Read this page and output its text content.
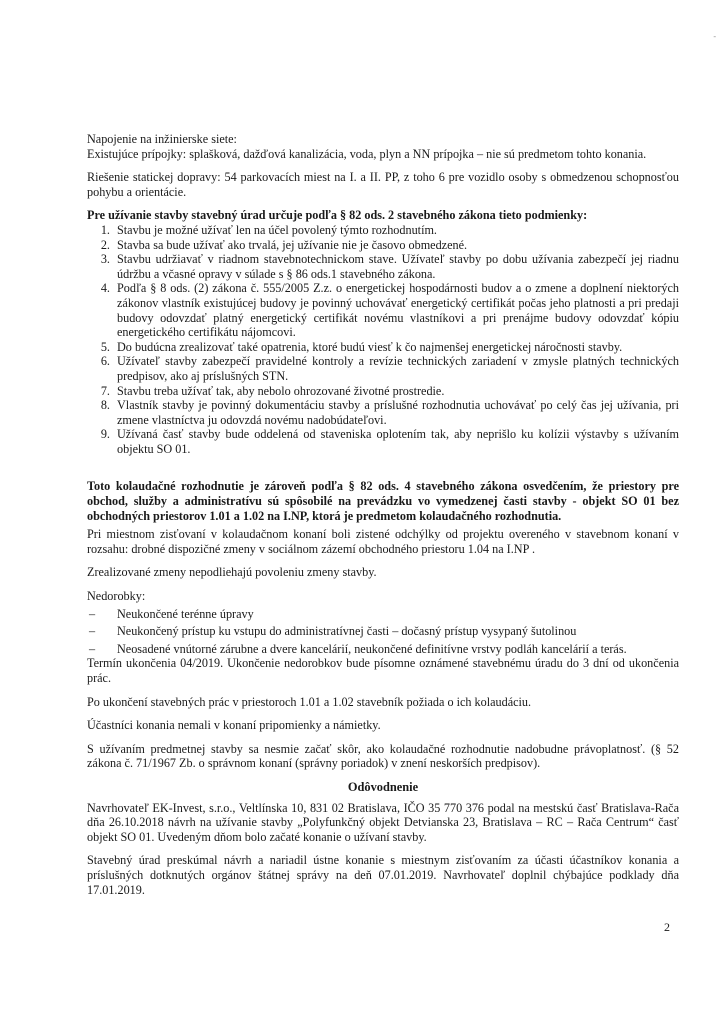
-

Napojenie na inžinierske siete:

Existujúce prípojky: splašková, dažďová kanalizácia, voda, plyn a NN prípojka – nie sú predmetom tohto konania.

Riešenie statickej dopravy: 54 parkovacích miest na I. a II. PP, z toho 6 pre vozidlo osoby s obmedzenou schopnosťou pohybu a orientácie.

Pre užívanie stavby stavebný úrad určuje podľa § 82 ods. 2 stavebného zákona tieto podmienky:

1. Stavbu je možné užívať len na účel povolený týmto rozhodnutím.
2. Stavba sa bude užívať ako trvalá, jej užívanie nie je časovo obmedzené.
3. Stavbu udržiavať v riadnom stavebnotechnickom stave. Užívateľ stavby po dobu užívania zabezpečí jej riadnu údržbu a včasné opravy v súlade s § 86 ods.1 stavebného zákona.
4. Podľa § 8 ods. (2) zákona č. 555/2005 Z.z. o energetickej hospodárnosti budov a o zmene a doplnení niektorých zákonov vlastník existujúcej budovy je povinný uchovávať energetický certifikát počas jeho platnosti a pri predaji budovy odovzdať platný energetický certifikát novému vlastníkovi a pri prenájme budovy odovzdať kópiu energetického certifikátu nájomcovi.
5. Do budúcna zrealizovať také opatrenia, ktoré budú viesť k čo najmenšej energetickej náročnosti stavby.
6. Užívateľ stavby zabezpečí pravidelné kontroly a revízie technických zariadení v zmysle platných technických predpisov, ako aj príslušných STN.
7. Stavbu treba užívať tak, aby nebolo ohrozované životné prostredie.
8. Vlastník stavby je povinný dokumentáciu stavby a príslušné rozhodnutia uchovávať po celý čas jej užívania, pri zmene vlastníctva ju odovzdá novému nadobúdateľovi.
9. Užívaná časť stavby bude oddelená od staveniska oplotením tak, aby neprišlo ku kolízii výstavby s užívaním objektu SO 01.

Toto kolaudačné rozhodnutie je zároveň podľa § 82 ods. 4 stavebného zákona osvedčením, že priestory pre obchod, služby a administratívu sú spôsobilé na prevádzku vo vymedzenej časti stavby - objekt SO 01 bez obchodných priestorov 1.01 a 1.02 na I.NP, ktorá je predmetom kolaudačného rozhodnutia.

Pri miestnom zisťovaní v kolaudačnom konaní boli zistené odchýlky od projektu overeného v stavebnom konaní v rozsahu: drobné dispozičné zmeny v sociálnom zázemí obchodného priestoru 1.04 na I.NP .

Zrealizované zmeny nepodliehajú povoleniu zmeny stavby.

Nedorobky:

– Neukončené terénne úpravy
– Neukončený prístup ku vstupu do administratívnej časti – dočasný prístup vysypaný šutolinou
– Neosadené vnútorné zárubne a dvere kancelárií, neukončené definitívne vrstvy podláh kancelárií a terás.

Termín ukončenia 04/2019. Ukončenie nedorobkov bude písomne oznámené stavebnému úradu do 3 dní od ukončenia prác.

Po ukončení stavebných prác v priestoroch 1.01 a 1.02 stavebník požiada o ich kolaudáciu.

Účastníci konania nemali v konaní pripomienky a námietky.

S užívaním predmetnej stavby sa nesmie začať skôr, ako kolaudačné rozhodnutie nadobudne právoplatnosť. (§ 52 zákona č. 71/1967 Zb. o správnom konaní (správny poriadok) v znení neskorších predpisov).

Odôvodnenie

Navrhovateľ EK-Invest, s.r.o., Veltlínska 10, 831 02 Bratislava, IČO 35 770 376 podal na mestskú časť Bratislava-Rača dňa 26.10.2018 návrh na užívanie stavby „Polyfunkčný objekt Detvianska 23, Bratislava – RC – Rača Centrum“ časť objekt SO 01. Uvedeným dňom bolo začaté konanie o užívaní stavby.

Stavebný úrad preskúmal návrh a nariadil ústne konanie s miestnym zisťovaním za účasti účastníkov konania a príslušných dotknutých orgánov štátnej správy na deň 07.01.2019. Navrhovateľ doplnil chýbajúce podklady dňa 17.01.2019.

2
